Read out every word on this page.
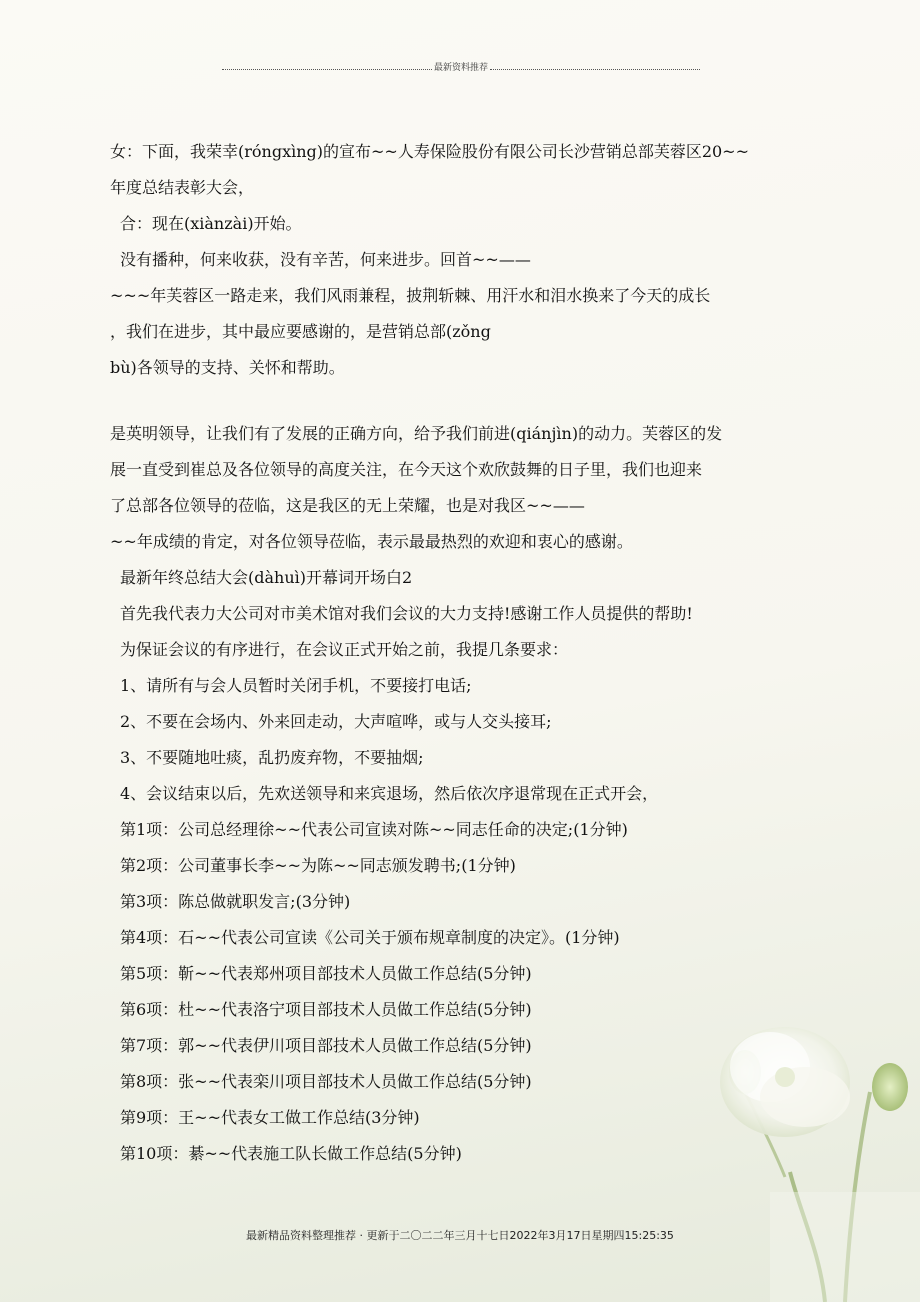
最新资料推荐
女：下面，我荣幸(róngxìng)的宣布~~人寿保险股份有限公司长沙营销总部芙蓉区20~~
年度总结表彰大会，
合：现在(xiànzài)开始。
没有播种，何来收获，没有辛苦，何来进步。回首~~——
~~~年芙蓉区一路走来，我们风雨兼程，披荆斩棘、用汗水和泪水换来了今天的成长
，我们在进步，其中最应要感谢的，是营销总部(zǒng
bù)各领导的支持、关怀和帮助。
是英明领导，让我们有了发展的正确方向，给予我们前进(qiánjìn)的动力。芙蓉区的发
展一直受到崔总及各位领导的高度关注，在今天这个欢欣鼓舞的日子里，我们也迎来
了总部各位领导的莅临，这是我区的无上荣耀，也是对我区~~——
~~年成绩的肯定，对各位领导莅临，表示最最热烈的欢迎和衷心的感谢。
最新年终总结大会(dàhuì)开幕词开场白2
首先我代表力大公司对市美术馆对我们会议的大力支持!感谢工作人员提供的帮助!
为保证会议的有序进行，在会议正式开始之前，我提几条要求：
1、请所有与会人员暂时关闭手机，不要接打电话;
2、不要在会场内、外来回走动，大声喧哗，或与人交头接耳;
3、不要随地吐痰，乱扔废弃物，不要抽烟;
4、会议结束以后，先欢送领导和来宾退场，然后依次序退常现在正式开会，
第1项：公司总经理徐~~代表公司宣读对陈~~同志任命的决定;(1分钟)
第2项：公司董事长李~~为陈~~同志颁发聘书;(1分钟)
第3项：陈总做就职发言;(3分钟)
第4项：石~~代表公司宣读《公司关于颁布规章制度的决定》。(1分钟)
第5项：靳~~代表郑州项目部技术人员做工作总结(5分钟)
第6项：杜~~代表洛宁项目部技术人员做工作总结(5分钟)
第7项：郭~~代表伊川项目部技术人员做工作总结(5分钟)
第8项：张~~代表栾川项目部技术人员做工作总结(5分钟)
第9项：王~~代表女工做工作总结(3分钟)
第10项：綦~~代表施工队长做工作总结(5分钟)
最新精品资料整理推荐 · 更新于二〇二二年三月十七日2022年3月17日星期四15:25:35
